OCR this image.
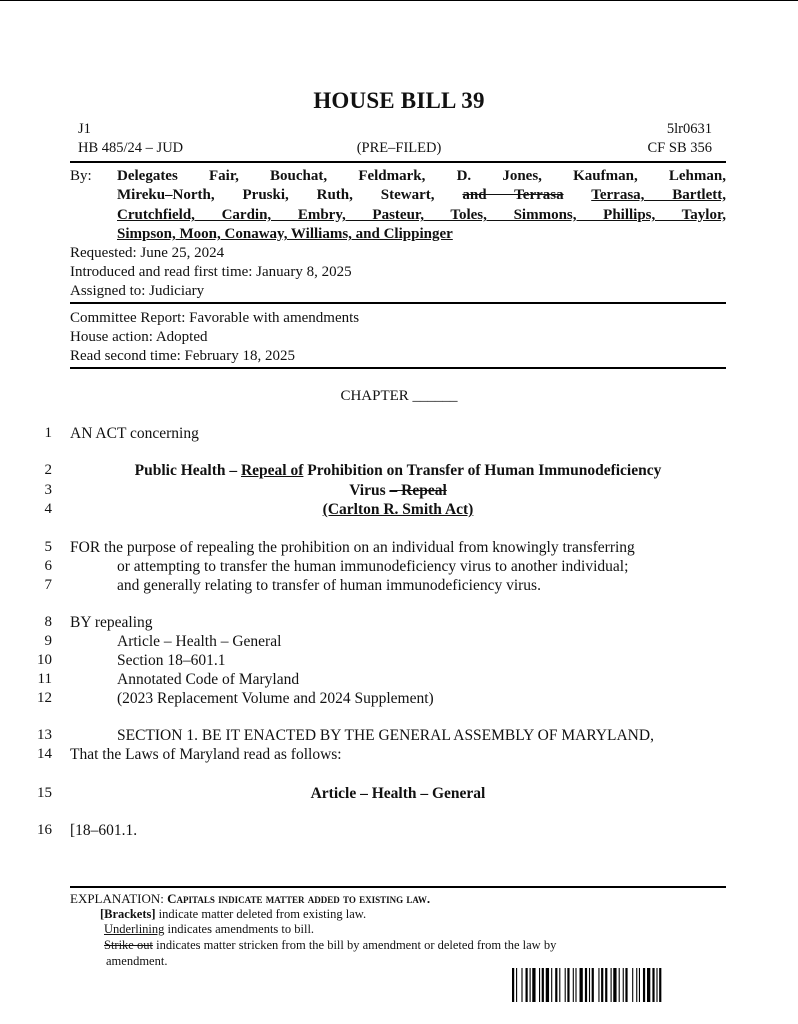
HOUSE BILL 39
J1	5lr0631
HB 485/24 – JUD	(PRE–FILED)	CF SB 356
By: Delegates Fair, Bouchat, Feldmark, D. Jones, Kaufman, Lehman,
Mireku–North, Pruski, Ruth, Stewart, and Terrasa Terrasa, Bartlett,
Crutchfield, Cardin, Embry, Pasteur, Toles, Simmons, Phillips, Taylor,
Simpson, Moon, Conaway, Williams, and Clippinger
Requested: June 25, 2024
Introduced and read first time: January 8, 2025
Assigned to: Judiciary
Committee Report: Favorable with amendments
House action: Adopted
Read second time: February 18, 2025
CHAPTER ______
1 AN ACT concerning
2	Public Health – Repeal of Prohibition on Transfer of Human Immunodeficiency
3	Virus – Repeal
4	(Carlton R. Smith Act)
5 FOR the purpose of repealing the prohibition on an individual from knowingly transferring
6	or attempting to transfer the human immunodeficiency virus to another individual;
7	and generally relating to transfer of human immunodeficiency virus.
8 BY repealing
9	Article – Health – General
10	Section 18–601.1
11	Annotated Code of Maryland
12	(2023 Replacement Volume and 2024 Supplement)
13	SECTION 1. BE IT ENACTED BY THE GENERAL ASSEMBLY OF MARYLAND,
14 That the Laws of Maryland read as follows:
15	Article – Health – General
16 [18–601.1.
EXPLANATION: Capitals indicate matter added to existing law.
[Brackets] indicate matter deleted from existing law.
Underlining indicates amendments to bill.
Strike out indicates matter stricken from the bill by amendment or deleted from the law by
amendment.
